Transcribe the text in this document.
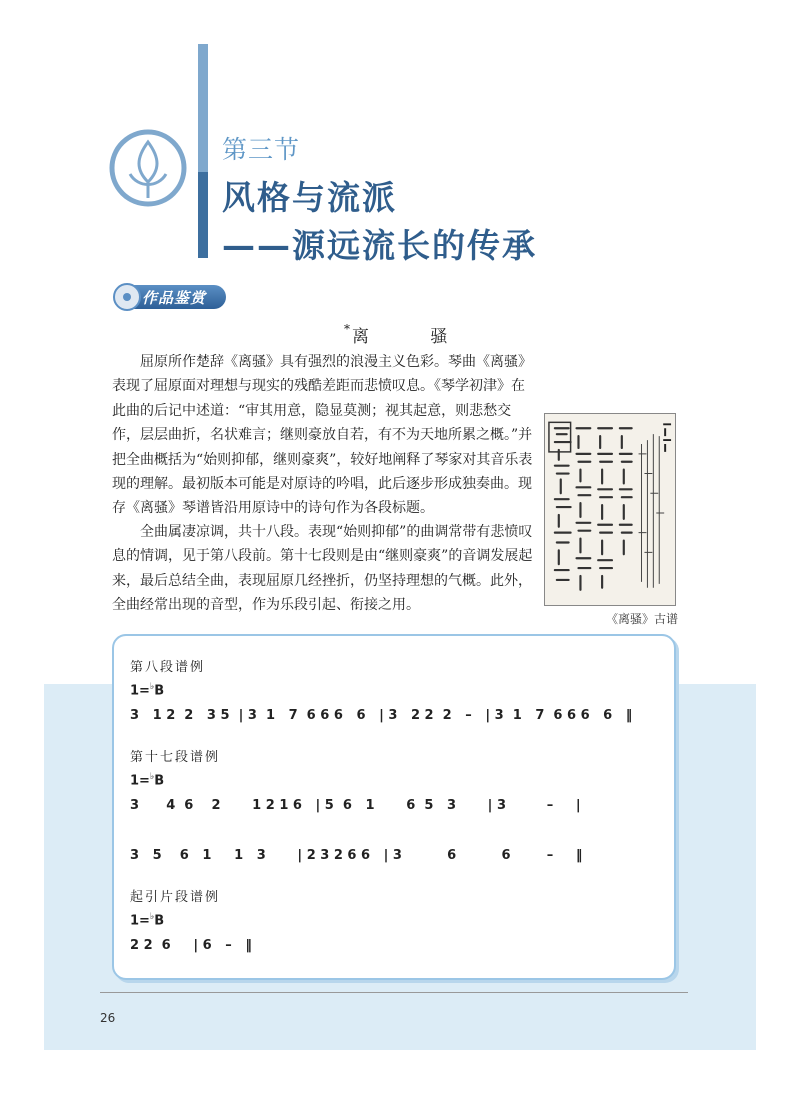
第三节
风格与流派
——源远流长的传承
作品鉴赏
* 离 骚

屈原所作楚辞《离骚》具有强烈的浪漫主义色彩。琴曲《离骚》表现了屈原面对理想与现实的残酷差距而悲愤叹息。《琴学初津》在此曲的后记中述道：“审其用意，隐显莫测；视其起意，则悲愁交作，层层曲折，名状难言；继则豪放自若，有不为天地所累之概。”并把全曲概括为“始则抑郁，继则豪爽”，较好地阐释了琴家对其音乐表现的理解。最初版本可能是对原诗的吟唱，此后逐步形成独奏曲。现存《离骚》琴谱皆沿用原诗中的诗句作为各段标题。

全曲属凄凉调，共十八段。表现“始则抑郁”的曲调常带有悲愤叹息的情调，见于第八段前。第十七段则是由“继则豪爽”的音调发展起来，最后总结全曲，表现屈原几经挫折，仍坚持理想的气概。此外，全曲经常出现的音型，作为乐段引起、衔接之用。

《离骚》古谱
第八段谱例
1=♭B
3   1 2  2   3 5  | 3  1   7  6 6 6   6   | 3   2 2  2   –   | 3  1   7  6 6 6   6   ‖
第十七段谱例
1=♭B
3      4  6    2       1 2 1 6   | 5  6   1       6  5   3       | 3         –     |
3   5    6   1     1   3       | 2 3 2 6 6   | 3          6          6        –     ‖
起引片段谱例
1=♭B
2 2  6     | 6   –   ‖
26
